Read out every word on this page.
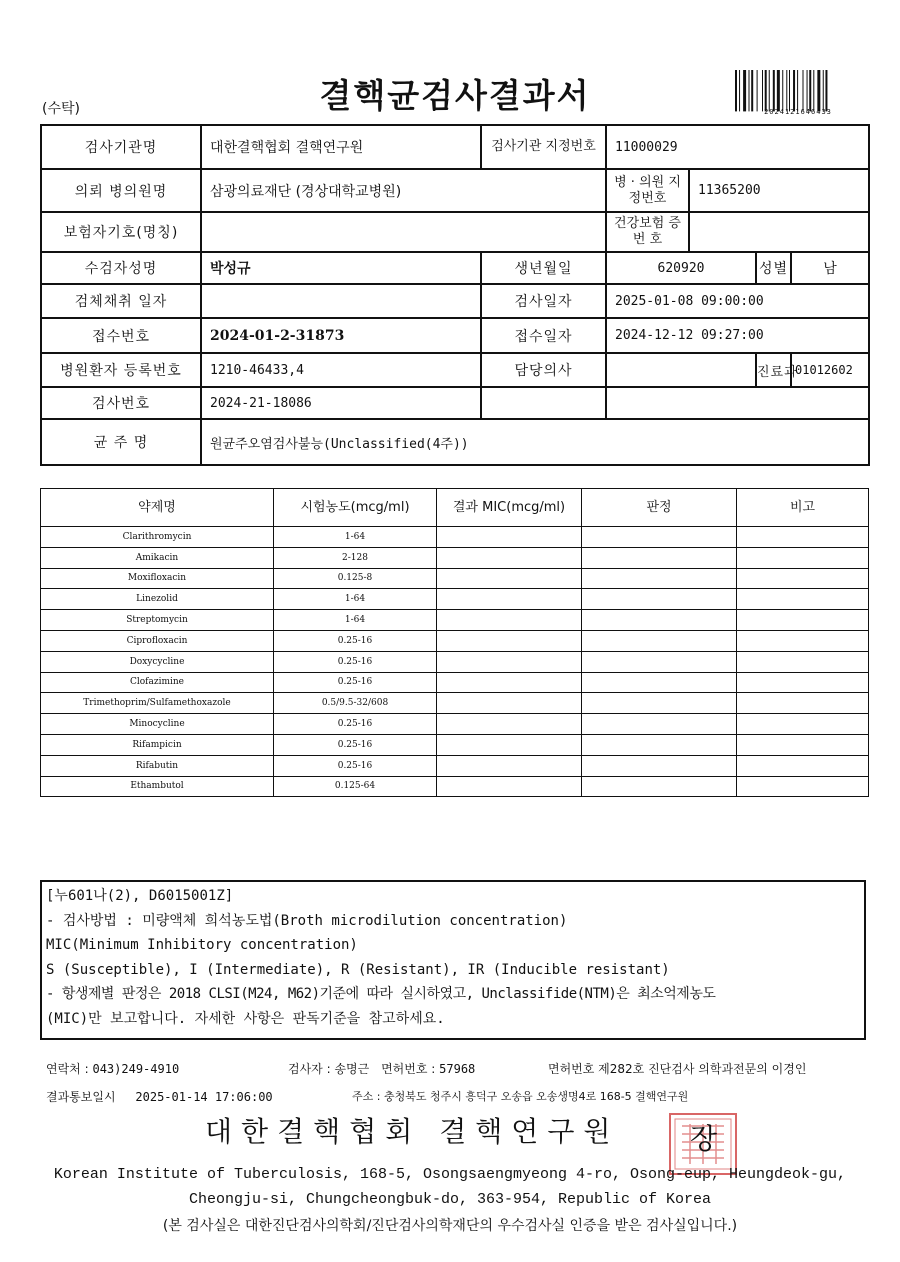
(수탁)	결핵균검사결과서	2024121646433
검사기관명	대한결핵협회 결핵연구원	검사기관 지정번호	11000029			
의뢰 병의원명	삼광의료재단 (경상대학교병원)		병 · 의원 지정번호	11365200		
보험자기호(명칭)			건강보험 증 번 호			
수검자성명	박성규	생년월일	620920		성별	남
검체채취 일자		검사일자	2025-01-08 09:00:00			
접수번호	2024-01-2-31873	접수일자	2024-12-12 09:27:00			
병원환자 등록번호	1210-46433,4	담당의사			진료과	01012602
검사번호	2024-21-18086					
균 주 명	원균주오염검사불능(Unclassified(4주))					
약제명	시험농도(mcg/ml)	결과 MIC(mcg/ml)	판정	비고
Clarithromycin	1-64			
Amikacin	2-128			
Moxifloxacin	0.125-8			
Linezolid	1-64			
Streptomycin	1-64			
Ciprofloxacin	0.25-16			
Doxycycline	0.25-16			
Clofazimine	0.25-16			
Trimethoprim/Sulfamethoxazole	0.5/9.5-32/608			
Minocycline	0.25-16			
Rifampicin	0.25-16			
Rifabutin	0.25-16			
Ethambutol	0.125-64			
[누601나(2), D6015001Z]
- 검사방법 : 미량액체 희석농도법(Broth microdilution concentration)
MIC(Minimum Inhibitory concentration)
S (Susceptible), I (Intermediate), R (Resistant), IR (Inducible resistant)
- 항생제별 판정은 2018 CLSI(M24, M62)기준에 따라 실시하였고, Unclassifide(NTM)은 최소억제농도
(MIC)만 보고합니다. 자세한 사항은 판독기준을 참고하세요.
연락처 : 043)249-4910	검사자 : 송명근 면허번호 : 57968	면허번호 제282호 진단검사 의학과전문의 이경인
결과통보일시 2025-01-14 17:06:00	주소 : 충청북도 청주시 흥덕구 오송읍 오송생명4로 168-5 결핵연구원
대한결핵협회 결핵연구원	장
Korean Institute of Tuberculosis, 168-5, Osongsaengmyeong 4-ro, Osong-eup, Heungdeok-gu,
Cheongju-si, Chungcheongbuk-do, 363-954, Republic of Korea
(본 검사실은 대한진단검사의학회/진단검사의학재단의 우수검사실 인증을 받은 검사실입니다.)
